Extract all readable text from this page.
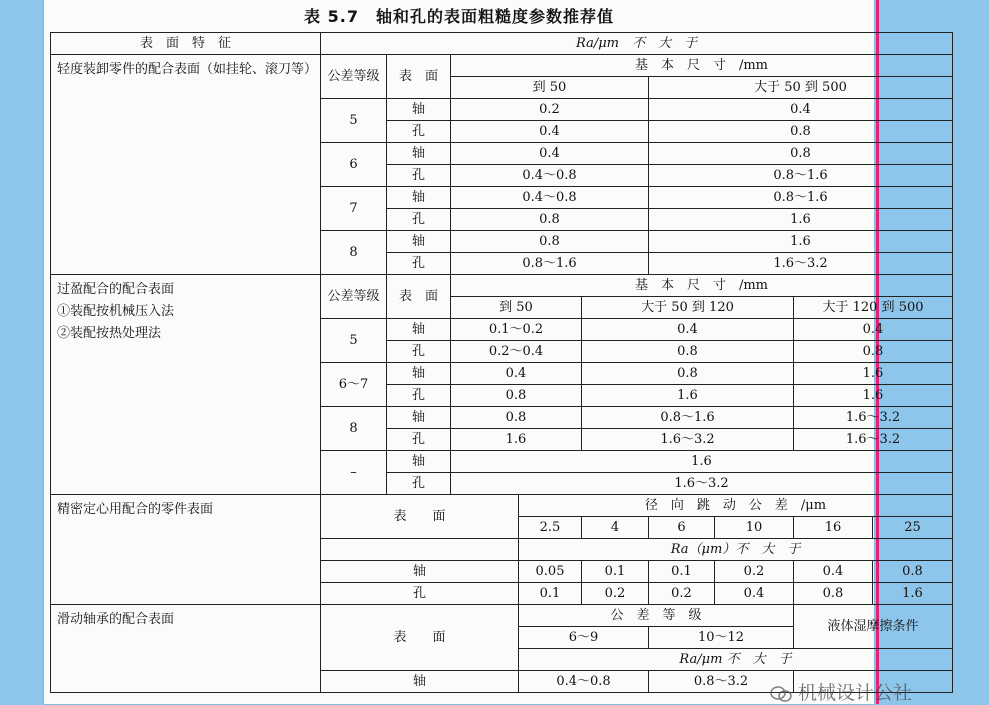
表 5.7　轴和孔的表面粗糙度参数推荐值
表　面　特　征	Ra/μm　不　大　于								
轻度装卸零件的配合表面（如挂轮、滚刀等）	公差等级	表　面	基　本　尺　寸　/mm						
			到 50			大于 50 到 500			
	5	轴	0.2			0.4			
		孔	0.4			0.8			
	6	轴	0.4			0.8			
		孔	0.4～0.8			0.8～1.6			
	7	轴	0.4～0.8			0.8～1.6			
		孔	0.8			1.6			
	8	轴	0.8			1.6			
		孔	0.8～1.6			1.6～3.2			

过盈配合的配合表面
①装配按机械压入法
②装配按热处理法	公差等级	表　面	基　本　尺　寸　/mm						
			到 50		大于 50 到 120			大于 120 到 500	
	5	轴	0.1～0.2		0.4			0.4	
		孔	0.2～0.4		0.8			0.8	
	6～7	轴	0.4		0.8			1.6	
		孔	0.8		1.6			1.6	
	8	轴	0.8		0.8～1.6			1.6～3.2	
		孔	1.6		1.6～3.2			1.6～3.2	
	–	轴	1.6						
		孔	1.6～3.2						
精密定心用配合的零件表面	表　　面			径　向　跳　动　公　差　/μm					
				2.5	4	6	10	16	25
				Ra（μm）不　大　于					
	轴			0.05	0.1	0.1	0.2	0.4	0.8
	孔			0.1	0.2	0.2	0.4	0.8	1.6
滑动轴承的配合表面	表　　面			公　差　等　级				液体湿摩擦条件	
				6～9		10～12			
				Ra/μm 不　大　于					
	轴			0.4～0.8		0.8～3.2			
机械设计公社
